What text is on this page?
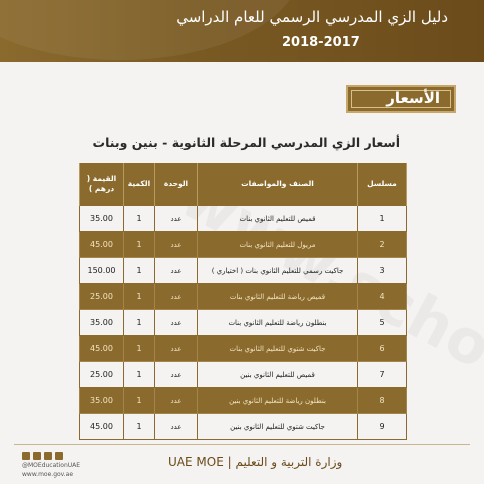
دليل الزي المدرسي الرسمي للعام الدراسي
2018-2017
الأسعار
أسعار الزي المدرسي المرحلة الثانوية - بنين وبنات
القيمة ( درهم )	الكمية	الوحدة	الصنف والمواصفات	مسلسل
35.00	1	عدد	قميص للتعليم الثانوي بنات	1
45.00	1	عدد	مريول للتعليم الثانوي بنات	2
150.00	1	عدد	جاكيت رسمي للتعليم الثانوي بنات ( اختياري )	3
25.00	1	عدد	قميص رياضة للتعليم الثانوي بنات	4
35.00	1	عدد	بنطلون رياضة للتعليم الثانوي بنات	5
45.00	1	عدد	جاكيت شتوي للتعليم الثانوي بنات	6
25.00	1	عدد	قميص للتعليم الثانوي بنين	7
35.00	1	عدد	بنطلون رياضة للتعليم الثانوي بنين	8
45.00	1	عدد	جاكيت شتوي للتعليم الثانوي بنين	9
@MOEducationUAE
www.moe.gov.ae
UAE MOE | وزارة التربية و التعليم
